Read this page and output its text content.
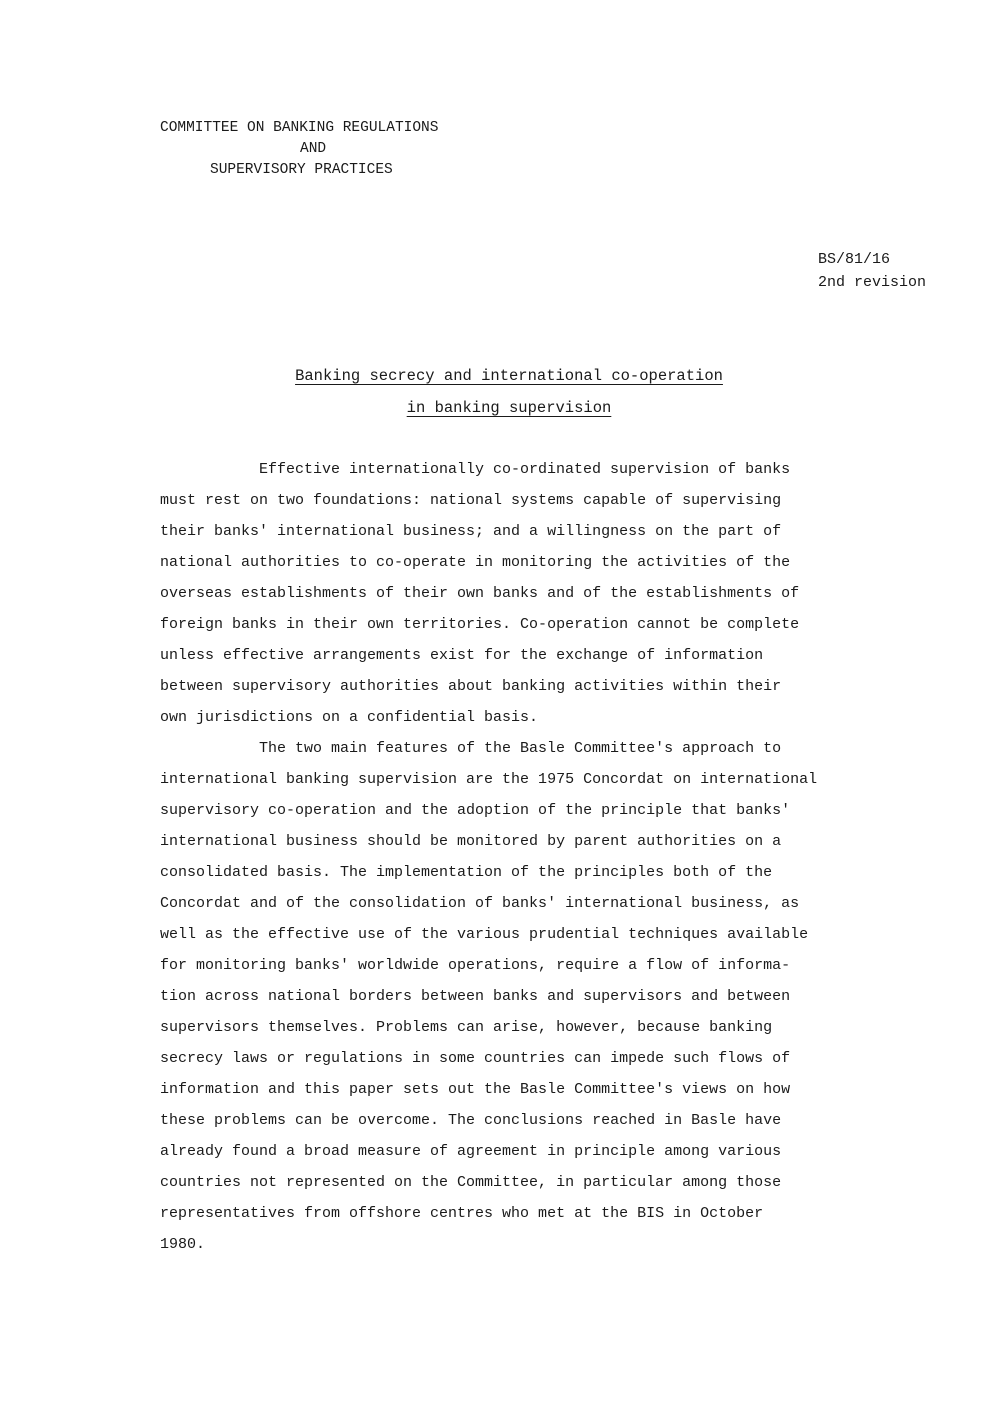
COMMITTEE ON BANKING REGULATIONS
AND
SUPERVISORY PRACTICES
BS/81/16
2nd revision
Banking secrecy and international co-operation
in banking supervision
Effective internationally co-ordinated supervision of banks
must rest on two foundations: national systems capable of supervising
their banks' international business; and a willingness on the part of
national authorities to co-operate in monitoring the activities of the
overseas establishments of their own banks and of the establishments of
foreign banks in their own territories. Co-operation cannot be complete
unless effective arrangements exist for the exchange of information
between supervisory authorities about banking activities within their
own jurisdictions on a confidential basis.
The two main features of the Basle Committee's approach to
international banking supervision are the 1975 Concordat on international
supervisory co-operation and the adoption of the principle that banks'
international business should be monitored by parent authorities on a
consolidated basis. The implementation of the principles both of the
Concordat and of the consolidation of banks' international business, as
well as the effective use of the various prudential techniques available
for monitoring banks' worldwide operations, require a flow of informa-
tion across national borders between banks and supervisors and between
supervisors themselves. Problems can arise, however, because banking
secrecy laws or regulations in some countries can impede such flows of
information and this paper sets out the Basle Committee's views on how
these problems can be overcome. The conclusions reached in Basle have
already found a broad measure of agreement in principle among various
countries not represented on the Committee, in particular among those
representatives from offshore centres who met at the BIS in October
1980.
